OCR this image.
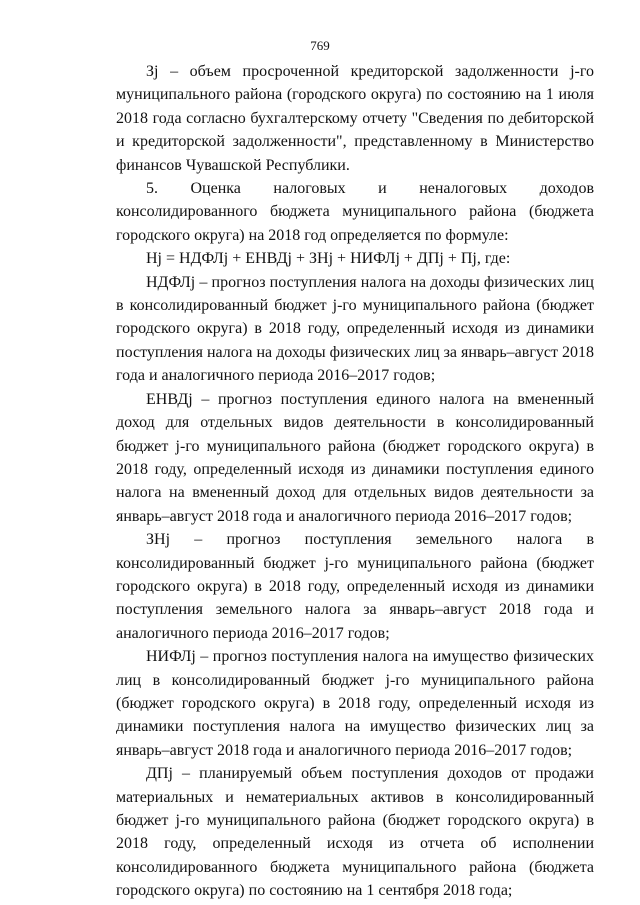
769

Зj – объем просроченной кредиторской задолженности j-го муниципального района (городского округа) по состоянию на 1 июля 2018 года согласно бухгалтерскому отчету "Сведения по дебиторской и кредиторской задолженности", представленному в Министерство финансов Чувашской Республики.

5. Оценка налоговых и неналоговых доходов консолидированного бюджета муниципального района (бюджета городского округа) на 2018 год определяется по формуле:

Hj = НДФЛj + ЕНВДj + ЗНj + НИФЛj + ДПj + Пj, где:

НДФЛj – прогноз поступления налога на доходы физических лиц в консолидированный бюджет j-го муниципального района (бюджет городского округа) в 2018 году, определенный исходя из динамики поступления налога на доходы физических лиц за январь–август 2018 года и аналогичного периода 2016–2017 годов;

ЕНВДj – прогноз поступления единого налога на вмененный доход для отдельных видов деятельности в консолидированный бюджет j-го муниципального района (бюджет городского округа) в 2018 году, определенный исходя из динамики поступления единого налога на вмененный доход для отдельных видов деятельности за январь–август 2018 года и аналогичного периода 2016–2017 годов;

ЗНj – прогноз поступления земельного налога в консолидированный бюджет j-го муниципального района (бюджет городского округа) в 2018 году, определенный исходя из динамики поступления земельного налога за январь–август 2018 года и аналогичного периода 2016–2017 годов;

НИФЛj – прогноз поступления налога на имущество физических лиц в консолидированный бюджет j-го муниципального района (бюджет городского округа) в 2018 году, определенный исходя из динамики поступления налога на имущество физических лиц за январь–август 2018 года и аналогичного периода 2016–2017 годов;

ДПj – планируемый объем поступления доходов от продажи материальных и нематериальных активов в консолидированный бюджет j-го муниципального района (бюджет городского округа) в 2018 году, определенный исходя из отчета об исполнении консолидированного бюджета муниципального района (бюджета городского округа) по состоянию на 1 сентября 2018 года;
